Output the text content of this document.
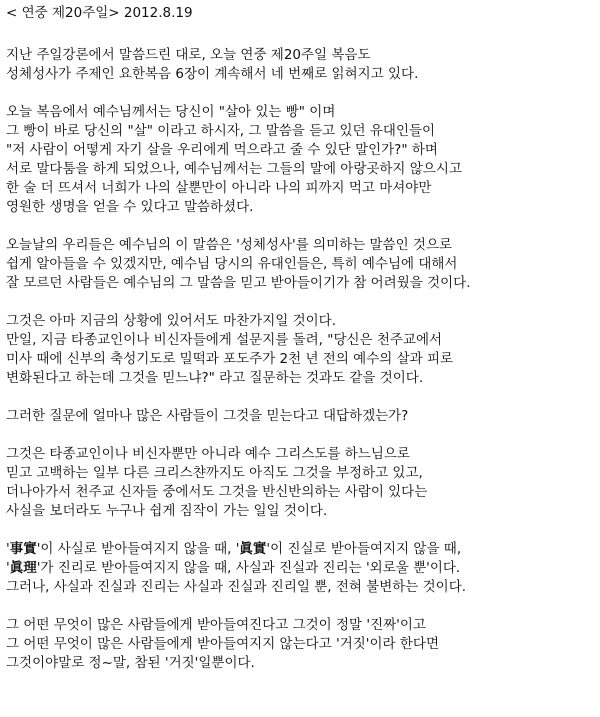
< 연중 제20주일> 2012.8.19
지난 주일강론에서 말씀드린 대로, 오늘 연중 제20주일 복음도
성체성사가 주제인 요한복음 6장이 계속해서 네 번째로 읽혀지고 있다.
오늘 복음에서 예수님께서는 당신이 "살아 있는 빵" 이며
그 빵이 바로 당신의 "살" 이라고 하시자, 그 말씀을 듣고 있던 유대인들이
"저 사람이 어떻게 자기 살을 우리에게 먹으라고 줄 수 있단 말인가?" 하며
서로 말다툼을 하게 되었으나, 예수님께서는 그들의 말에 아랑곳하지 않으시고
한 술 더 뜨셔서 너희가 나의 살뿐만이 아니라 나의 피까지 먹고 마셔야만
영원한 생명을 얻을 수 있다고 말씀하셨다.
오늘날의 우리들은 예수님의 이 말씀은 '성체성사'를 의미하는 말씀인 것으로
쉽게 알아들을 수 있겠지만, 예수님 당시의 유대인들은, 특히 예수님에 대해서
잘 모르던 사람들은 예수님의 그 말씀을 믿고 받아들이기가 참 어려웠을 것이다.
그것은 아마 지금의 상황에 있어서도 마찬가지일 것이다.
만일, 지금 타종교인이나 비신자들에게 설문지를 돌려, "당신은 천주교에서
미사 때에 신부의 축성기도로 밀떡과 포도주가 2천 년 전의 예수의 살과 피로
변화된다고 하는데 그것을 믿느냐?" 라고 질문하는 것과도 같을 것이다.
그러한 질문에 얼마나 많은 사람들이 그것을 믿는다고 대답하겠는가?
그것은 타종교인이나 비신자뿐만 아니라 예수 그리스도를 하느님으로
믿고 고백하는 일부 다른 크리스챤까지도 아직도 그것을 부정하고 있고,
더나아가서 천주교 신자들 중에서도 그것을 반신반의하는 사람이 있다는
사실을 보더라도 누구나 쉽게 짐작이 가는 일일 것이다.
'事實'이 사실로 받아들여지지 않을 때, '眞實'이 진실로 받아들여지지 않을 때,
'眞理'가 진리로 받아들여지지 않을 때, 사실과 진실과 진리는 '외로울 뿐'이다.
그러나, 사실과 진실과 진리는 사실과 진실과 진리일 뿐, 전혀 불변하는 것이다.
그 어떤 무엇이 많은 사람들에게 받아들여진다고 그것이 정말 '진짜'이고
그 어떤 무엇이 많은 사람들에게 받아들여지지 않는다고 '거짓'이라 한다면
그것이야말로 정~말, 참된 '거짓'일뿐이다.
